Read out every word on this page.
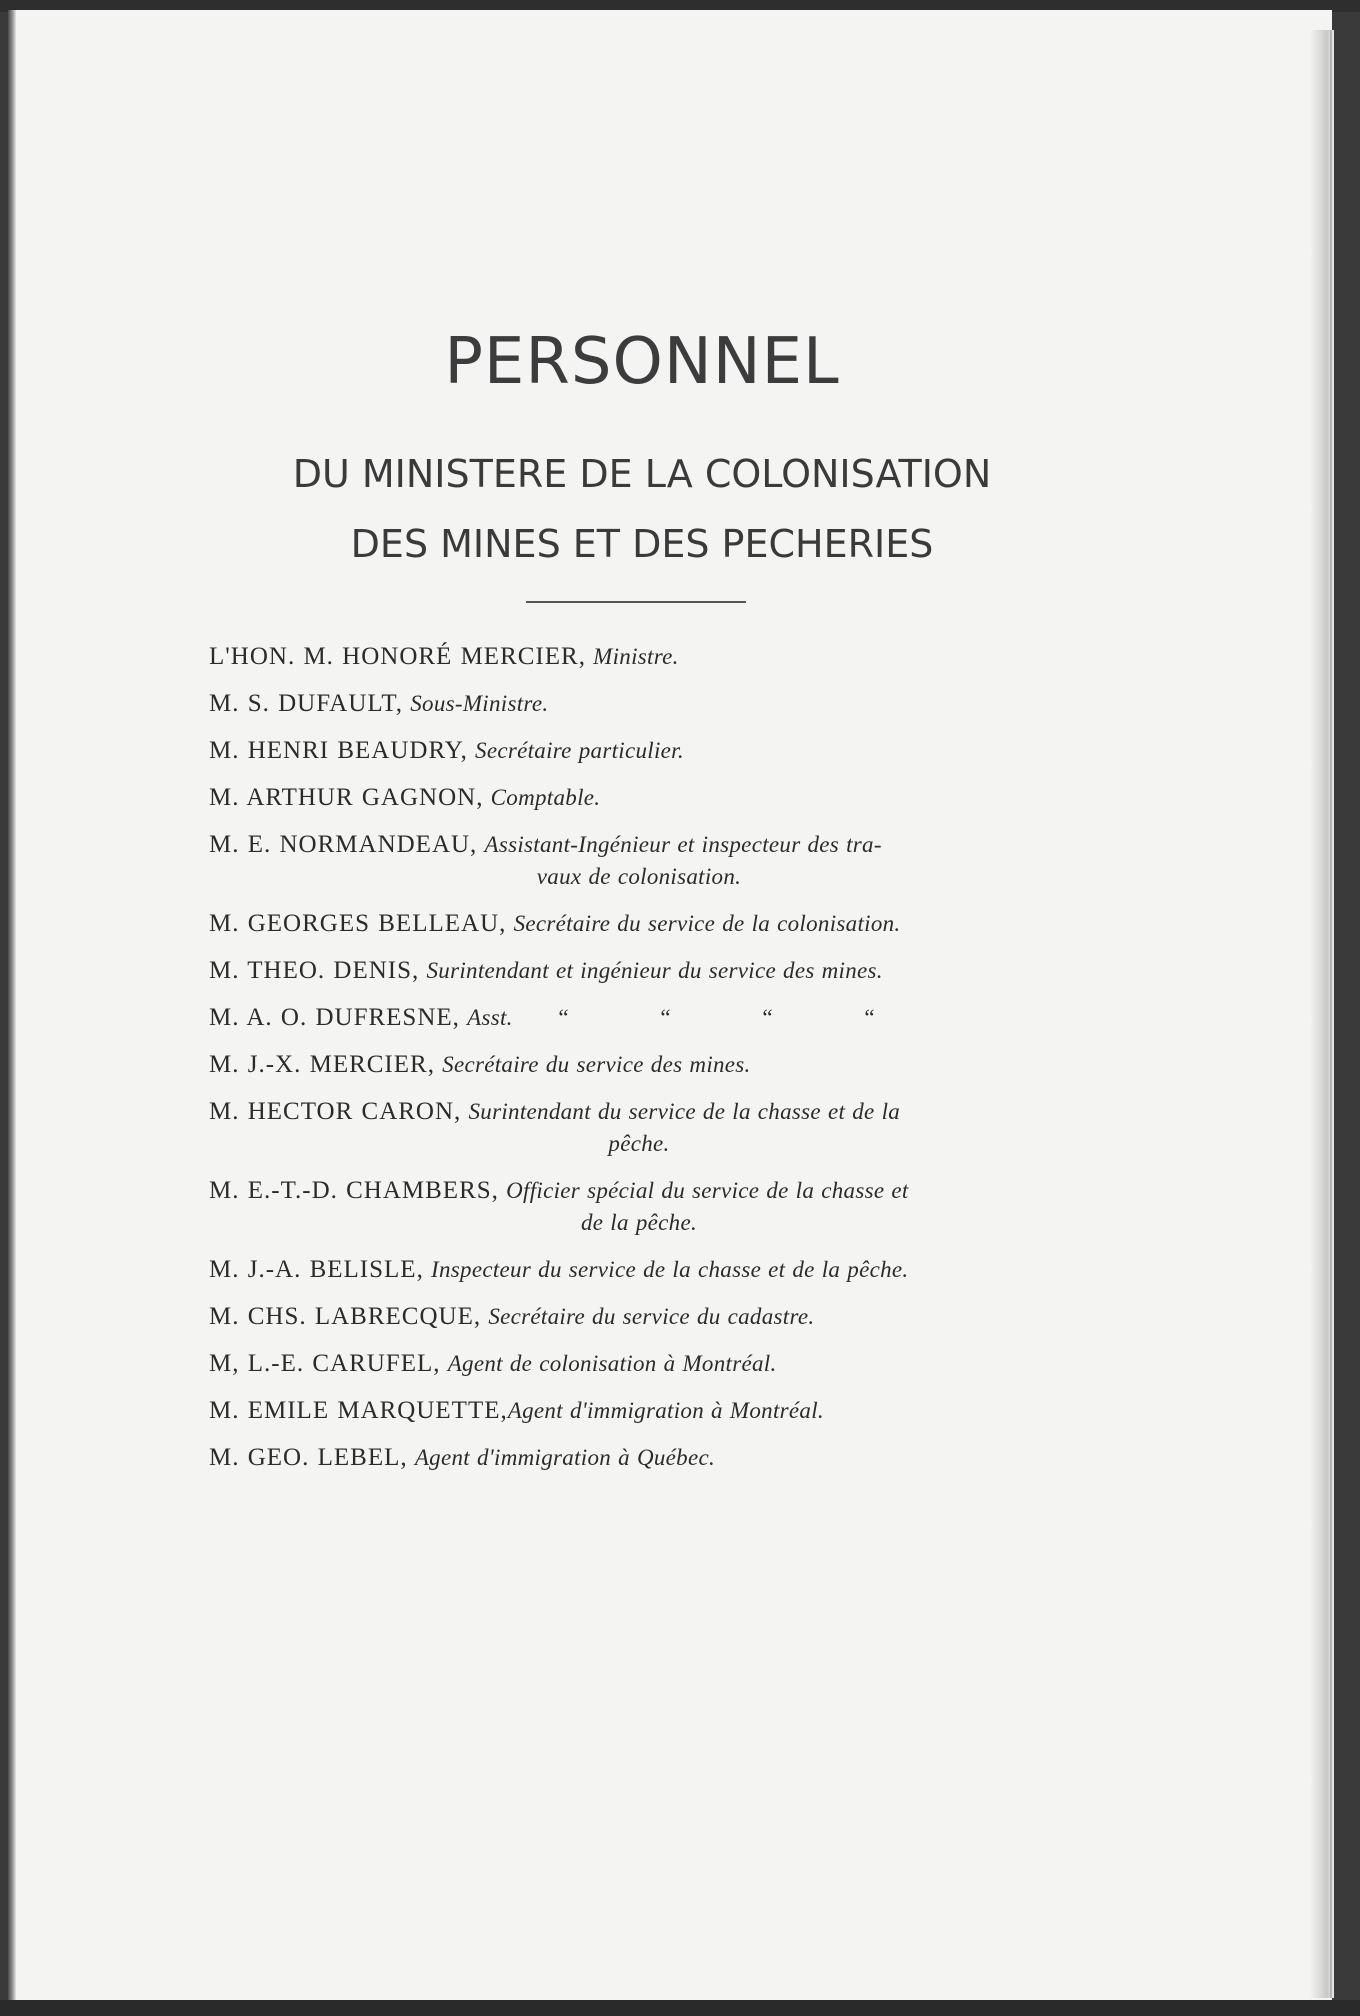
PERSONNEL
DU MINISTERE DE LA COLONISATION
DES MINES ET DES PECHERIES
L'HON. M. HONORÉ MERCIER, Ministre.
M. S. DUFAULT, Sous-Ministre.
M. HENRI BEAUDRY, Secrétaire particulier.
M. ARTHUR GAGNON, Comptable.
M. E. NORMANDEAU, Assistant-Ingénieur et inspecteur des tra-
vaux de colonisation.
M. GEORGES BELLEAU, Secrétaire du service de la colonisation.
M. THEO. DENIS, Surintendant et ingénieur du service des mines.
M. A. O. DUFRESNE, Asst. “	“	“	“
M. J.-X. MERCIER, Secrétaire du service des mines.
M. HECTOR CARON, Surintendant du service de la chasse et de la
pêche.
M. E.-T.-D. CHAMBERS, Officier spécial du service de la chasse et
de la pêche.
M. J.-A. BELISLE, Inspecteur du service de la chasse et de la pêche.
M. CHS. LABRECQUE, Secrétaire du service du cadastre.
M, L.-E. CARUFEL, Agent de colonisation à Montréal.
M. EMILE MARQUETTE,Agent d'immigration à Montréal.
M. GEO. LEBEL, Agent d'immigration à Québec.
